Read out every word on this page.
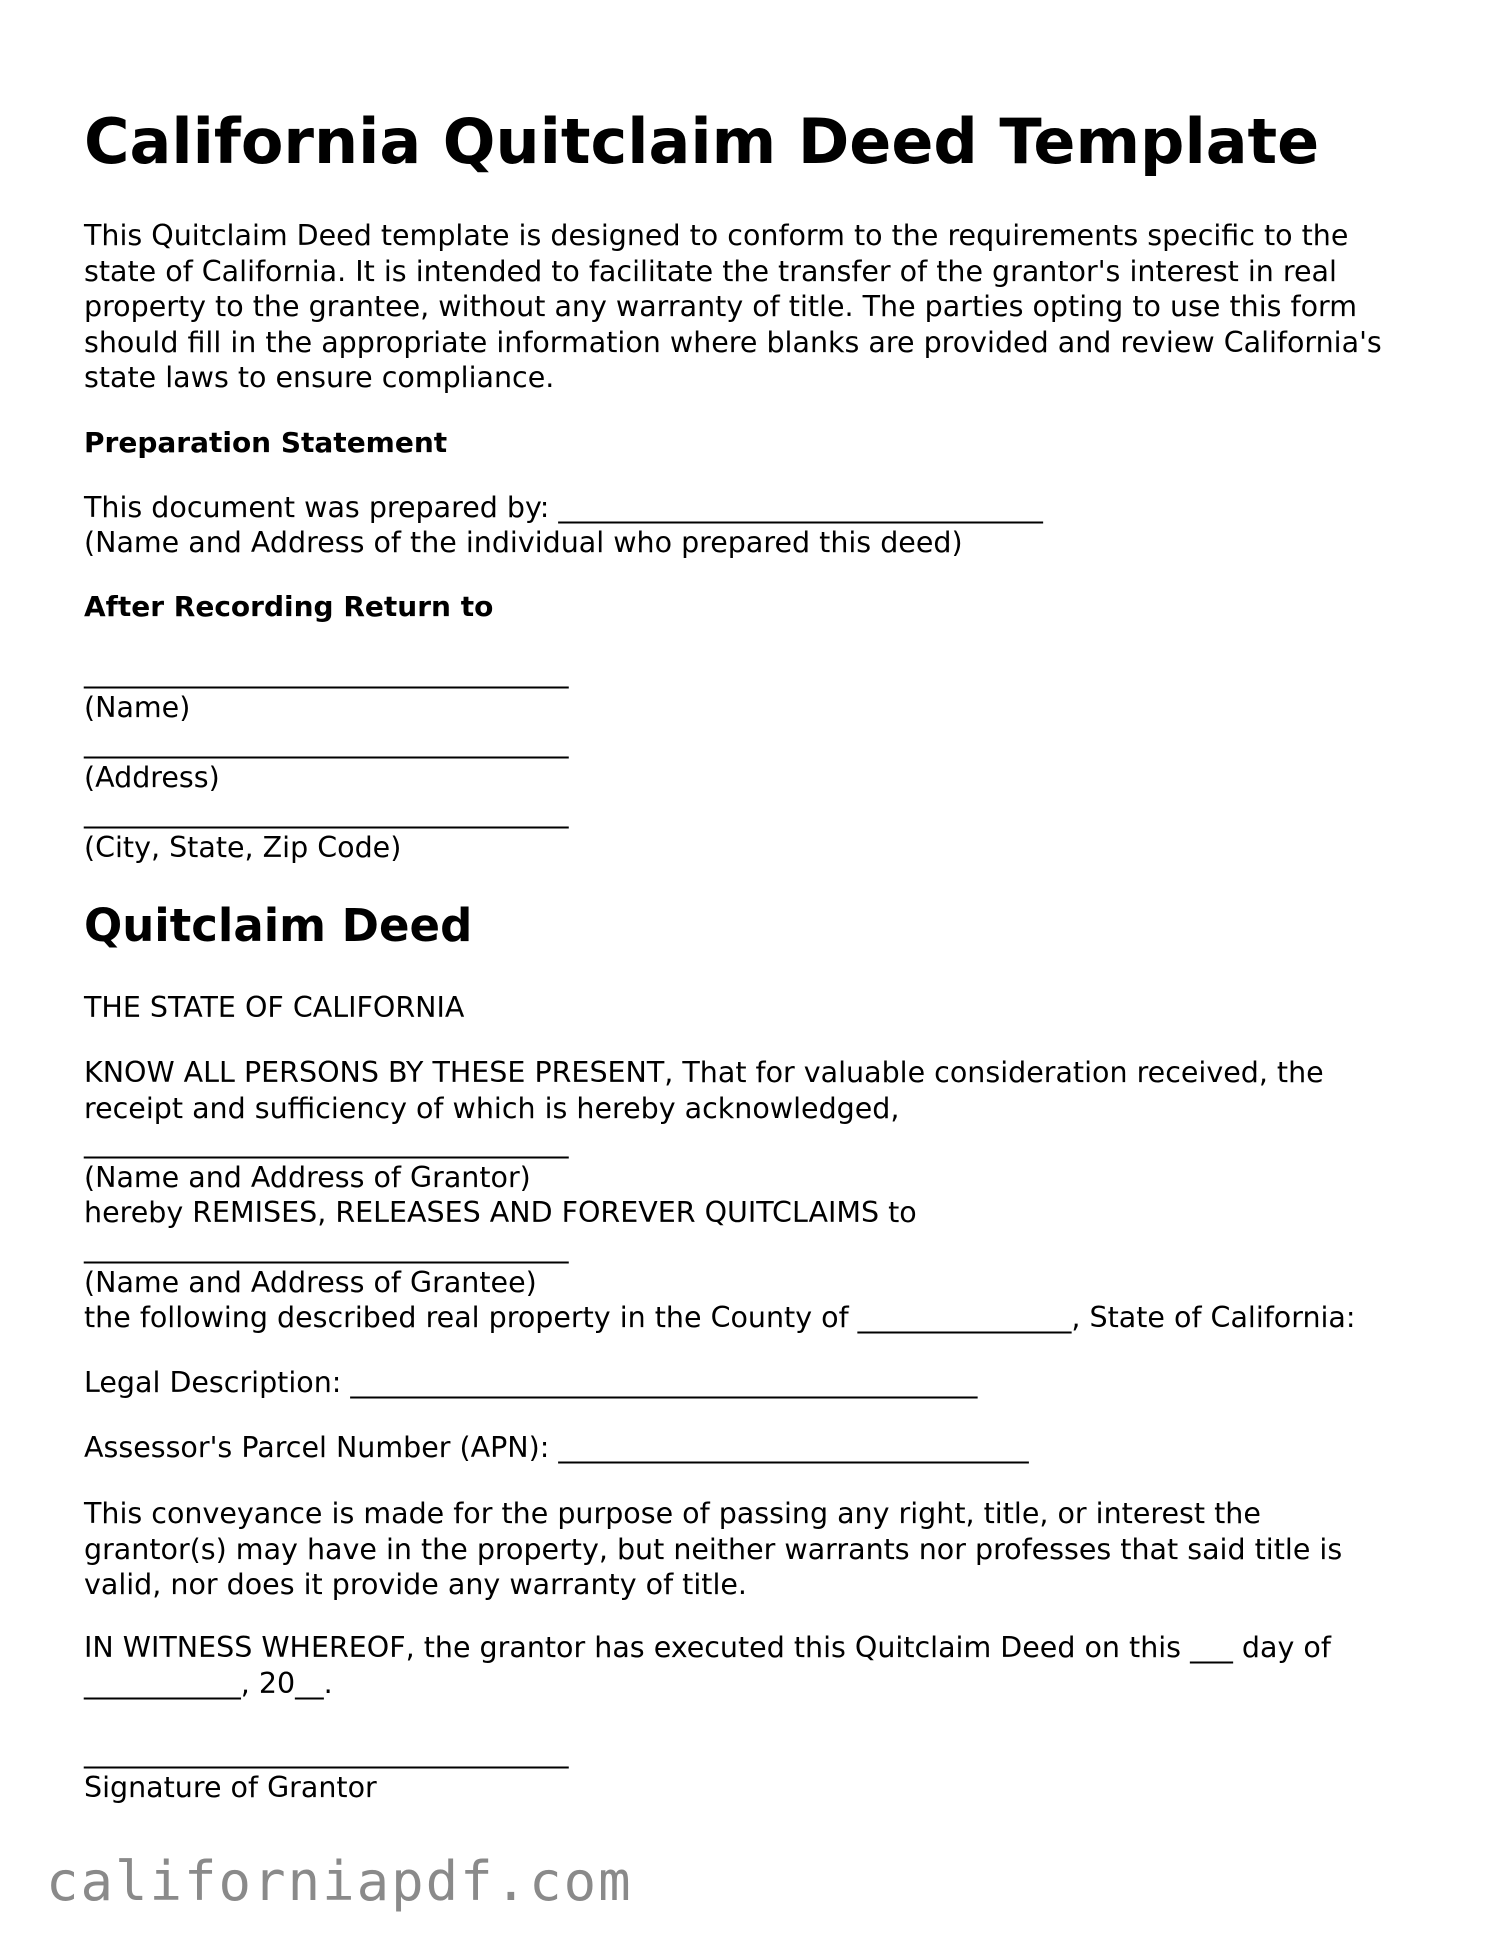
California Quitclaim Deed Template
This Quitclaim Deed template is designed to conform to the requirements specific to the
state of California. It is intended to facilitate the transfer of the grantor's interest in real
property to the grantee, without any warranty of title. The parties opting to use this form
should fill in the appropriate information where blanks are provided and review California's
state laws to ensure compliance.
Preparation Statement

This document was prepared by: __________________________________

(Name and Address of the individual who prepared this deed)

After Recording Return to

__________________________________

(Name)

__________________________________

(Address)

__________________________________

(City, State, Zip Code)

Quitclaim Deed

THE STATE OF CALIFORNIA

KNOW ALL PERSONS BY THESE PRESENT, That for valuable consideration received, the
receipt and sufficiency of which is hereby acknowledged,

__________________________________

(Name and Address of Grantor)

hereby REMISES, RELEASES AND FOREVER QUITCLAIMS to

__________________________________

(Name and Address of Grantee)

the following described real property in the County of _______________, State of California:

Legal Description: ____________________________________________

Assessor's Parcel Number (APN): _________________________________

This conveyance is made for the purpose of passing any right, title, or interest the
grantor(s) may have in the property, but neither warrants nor professes that said title is
valid, nor does it provide any warranty of title.
IN WITNESS WHEREOF, the grantor has executed this Quitclaim Deed on this ___ day of
___________, 20__.

__________________________________

Signature of Grantor

californiapdf.com
